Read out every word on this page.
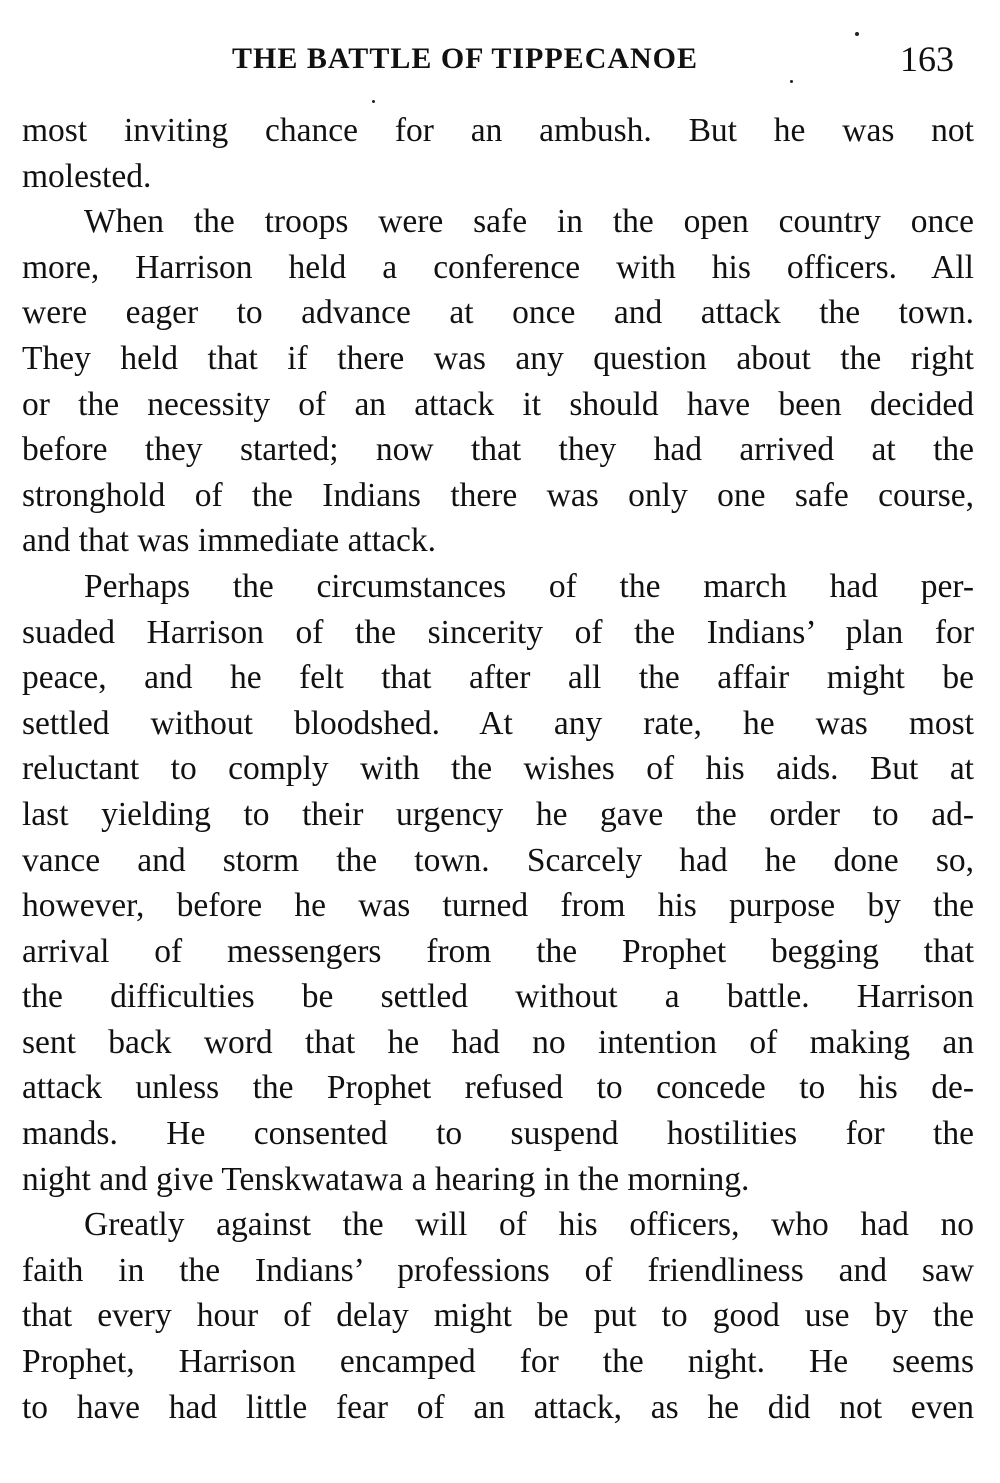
THE BATTLE OF TIPPECANOE	163
most inviting chance for an ambush. But he was not
molested.
When the troops were safe in the open country once
more, Harrison held a conference with his officers. All
were eager to advance at once and attack the town.
They held that if there was any question about the right
or the necessity of an attack it should have been decided
before they started; now that they had arrived at the
stronghold of the Indians there was only one safe course,
and that was immediate attack.
Perhaps the circumstances of the march had per-
suaded Harrison of the sincerity of the Indians’ plan for
peace, and he felt that after all the affair might be
settled without bloodshed. At any rate, he was most
reluctant to comply with the wishes of his aids. But at
last yielding to their urgency he gave the order to ad-
vance and storm the town. Scarcely had he done so,
however, before he was turned from his purpose by the
arrival of messengers from the Prophet begging that
the difficulties be settled without a battle. Harrison
sent back word that he had no intention of making an
attack unless the Prophet refused to concede to his de-
mands. He consented to suspend hostilities for the
night and give Tenskwatawa a hearing in the morning.
Greatly against the will of his officers, who had no
faith in the Indians’ professions of friendliness and saw
that every hour of delay might be put to good use by the
Prophet, Harrison encamped for the night. He seems
to have had little fear of an attack, as he did not even
